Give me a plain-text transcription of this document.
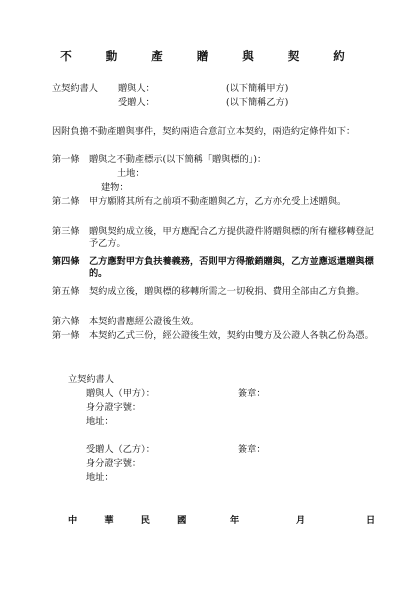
不 動 產 贈 與 契 約
立契約書人 贈與人：	(以下簡稱甲方)
受贈人：	(以下簡稱乙方)
因附負擔不動產贈與事件，契約兩造合意訂立本契約，兩造約定條件如下：
第一條 贈與之不動產標示(以下簡稱「贈與標的」)：
土地：
建物：
第二條 甲方願將其所有之前項不動產贈與乙方，乙方亦允受上述贈與。
第三條 贈與契約成立後，甲方應配合乙方提供證件將贈與標的所有權移轉登記予乙方。
第四條 乙方應對甲方負扶養義務，否則甲方得撤銷贈與，乙方並應返還贈與標的。
第五條 契約成立後，贈與標的移轉所需之一切稅捐、費用全部由乙方負擔。
第六條 本契約書應經公證後生效。
第一條 本契約乙式三份，經公證後生效，契約由雙方及公證人各執乙份為憑。
立契約書人
贈與人（甲方）：	簽章：
身分證字號：
地址：
受贈人（乙方）：	簽章：
身分證字號：
地址：
中 華 民 國	年	月	日
